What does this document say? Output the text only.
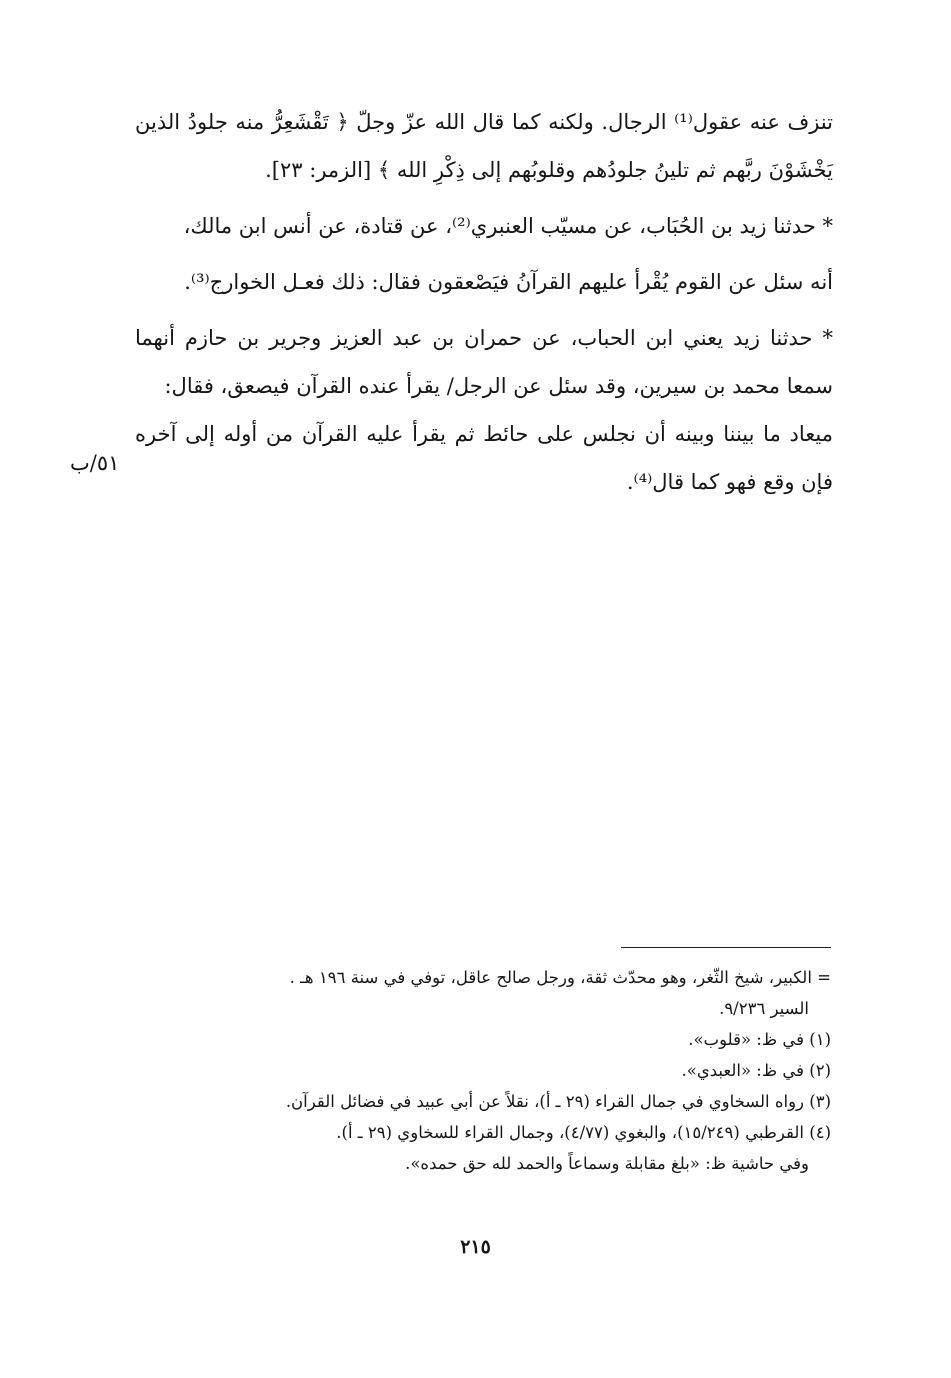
تنزف عنه عقول⁽¹⁾ الرجال. ولكنه كما قال الله عزّ وجلّ ﴿ تَقْشَعِرُّ منه جلودُ الذين يَخْشَوْنَ ربَّهم ثم تلينُ جلودُهم وقلوبُهم إلى ذِكْرِ الله ﴾ [الزمر: ٢٣].

* حدثنا زيد بن الحُبَاب، عن مسيّب العنبري⁽²⁾، عن قتادة، عن أنس ابن مالك،

أنه سئل عن القوم يُقْرأ عليهم القرآنُ فيَصْعقون فقال: ذلك فعـل الخوارج⁽³⁾.

* حدثنا زيد يعني ابن الحباب، عن حمران بن عبد العزيز وجرير بن حازم أنهما سمعا محمد بن سيرين، وقد سئل عن الرجل/ يقرأ عنده القرآن فيصعق، فقال:

ميعاد ما بيننا وبينه أن نجلس على حائط ثم يقرأ عليه القرآن من أوله إلى آخره فإن وقع فهو كما قال⁽⁴⁾.

٥١/ب

= الكبير، شيخ الثّغر، وهو محدّث ثقة، ورجل صالح عاقل، توفي في سنة ١٩٦ هـ .

السير ٩/٢٣٦.

(١) في ظ: «قلوب».

(٢) في ظ: «العبدي».

(٣) رواه السخاوي في جمال القراء (٢٩ ـ أ)، نقلاً عن أبي عبيد في فضائل القرآن.

(٤) القرطبي (١٥/٢٤٩)، والبغوي (٤/٧٧)، وجمال القراء للسخاوي (٢٩ ـ أ).

وفي حاشية ظ: «بلغ مقابلة وسماعاً والحمد لله حق حمده».

٢١٥
